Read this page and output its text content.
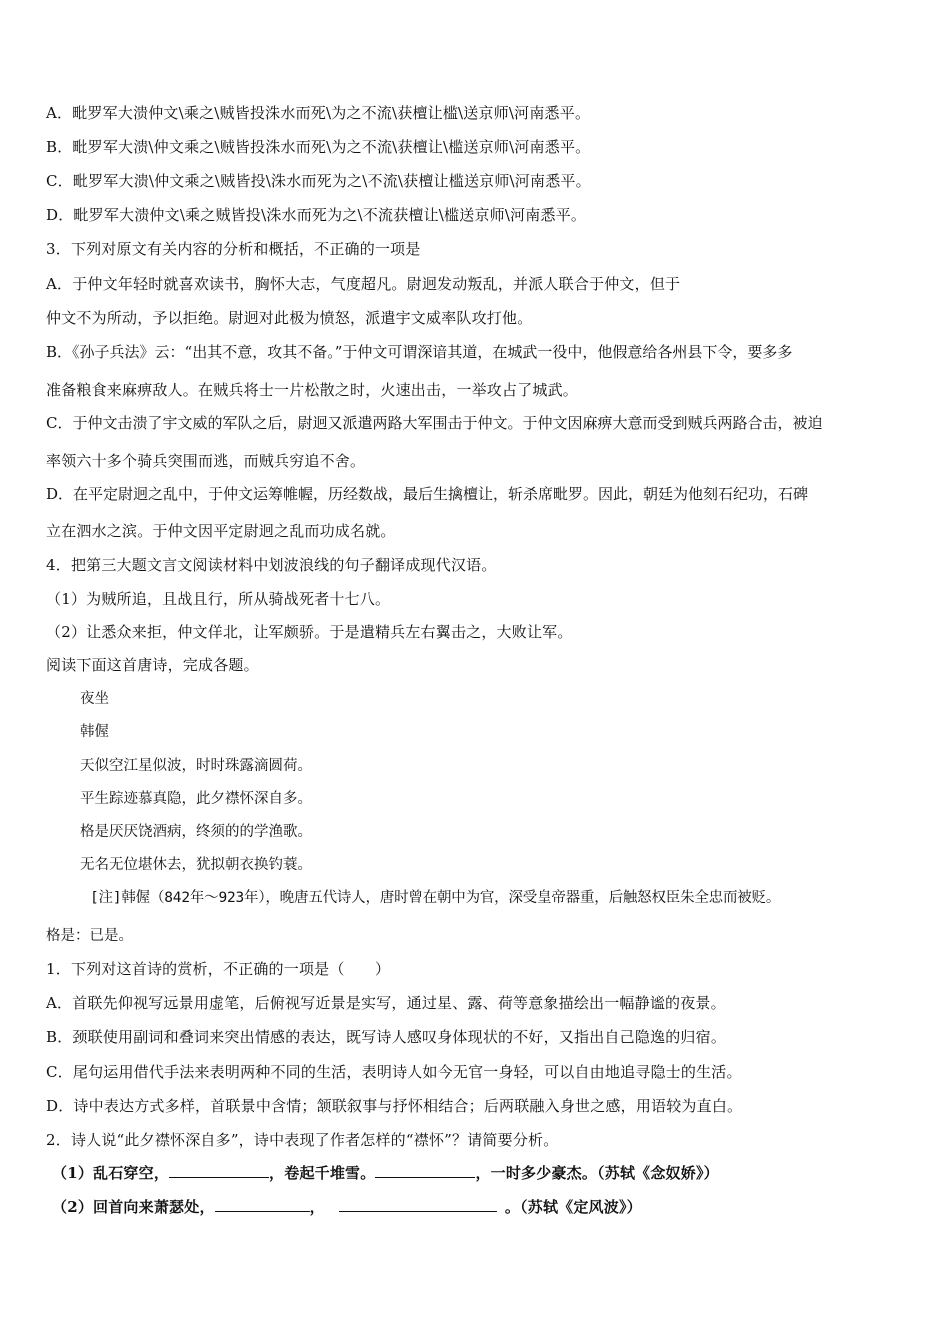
A．毗罗军大溃仲文\乘之\贼皆投洙水而死\为之不流\获檀让槛\送京师\河南悉平。
B．毗罗军大溃\仲文乘之\贼皆投洙水而死\为之不流\获檀让\槛送京师\河南悉平。
C．毗罗军大溃\仲文乘之\贼皆投\洙水而死为之\不流\获檀让槛送京师\河南悉平。
D．毗罗军大溃仲文\乘之贼皆投\洙水而死为之\不流获檀让\槛送京师\河南悉平。
3．下列对原文有关内容的分析和概括，不正确的一项是
A．于仲文年轻时就喜欢读书，胸怀大志，气度超凡。尉迥发动叛乱，并派人联合于仲文，但于
仲文不为所动，予以拒绝。尉迥对此极为愤怒，派遣宇文威率队攻打他。
B．《孙子兵法》云：“出其不意，攻其不备。”于仲文可谓深谙其道，在城武一役中，他假意给各州县下令，要多多
准备粮食来麻痹敌人。在贼兵将士一片松散之时，火速出击，一举攻占了城武。
C．于仲文击溃了宇文威的军队之后，尉迥又派遣两路大军围击于仲文。于仲文因麻痹大意而受到贼兵两路合击，被迫
率领六十多个骑兵突围而逃，而贼兵穷追不舍。
D．在平定尉迥之乱中，于仲文运筹帷幄，历经数战，最后生擒檀让，斩杀席毗罗。因此，朝廷为他刻石纪功，石碑
立在泗水之滨。于仲文因平定尉迥之乱而功成名就。
4．把第三大题文言文阅读材料中划波浪线的句子翻译成现代汉语。
（1）为贼所追，且战且行，所从骑战死者十七八。
（2）让悉众来拒，仲文佯北，让军颇骄。于是遣精兵左右翼击之，大败让军。
阅读下面这首唐诗，完成各题。
夜坐
韩偓
天似空江星似波，时时珠露滴圆荷。
平生踪迹慕真隐，此夕襟怀深自多。
格是厌厌饶酒病，终须的的学渔歌。
无名无位堪休去，犹拟朝衣换钓蓑。
[注]韩偓（842年～923年），晚唐五代诗人，唐时曾在朝中为官，深受皇帝器重，后触怒权臣朱全忠而被贬。
格是：已是。
1．下列对这首诗的赏析，不正确的一项是（　　）
A．首联先仰视写远景用虚笔，后俯视写近景是实写，通过星、露、荷等意象描绘出一幅静谧的夜景。
B．颈联使用副词和叠词来突出情感的表达，既写诗人感叹身体现状的不好，又指出自己隐逸的归宿。
C．尾句运用借代手法来表明两种不同的生活，表明诗人如今无官一身轻，可以自由地追寻隐士的生活。
D．诗中表达方式多样，首联景中含情；颔联叙事与抒怀相结合；后两联融入身世之感，用语较为直白。
2．诗人说“此夕襟怀深自多”，诗中表现了作者怎样的“襟怀”？请简要分析。
（1）乱石穿空，	，卷起千堆雪。	，一时多少豪杰。（苏轼《念奴娇》）
（2）回首向来萧瑟处，	，	。（苏轼《定风波》）
